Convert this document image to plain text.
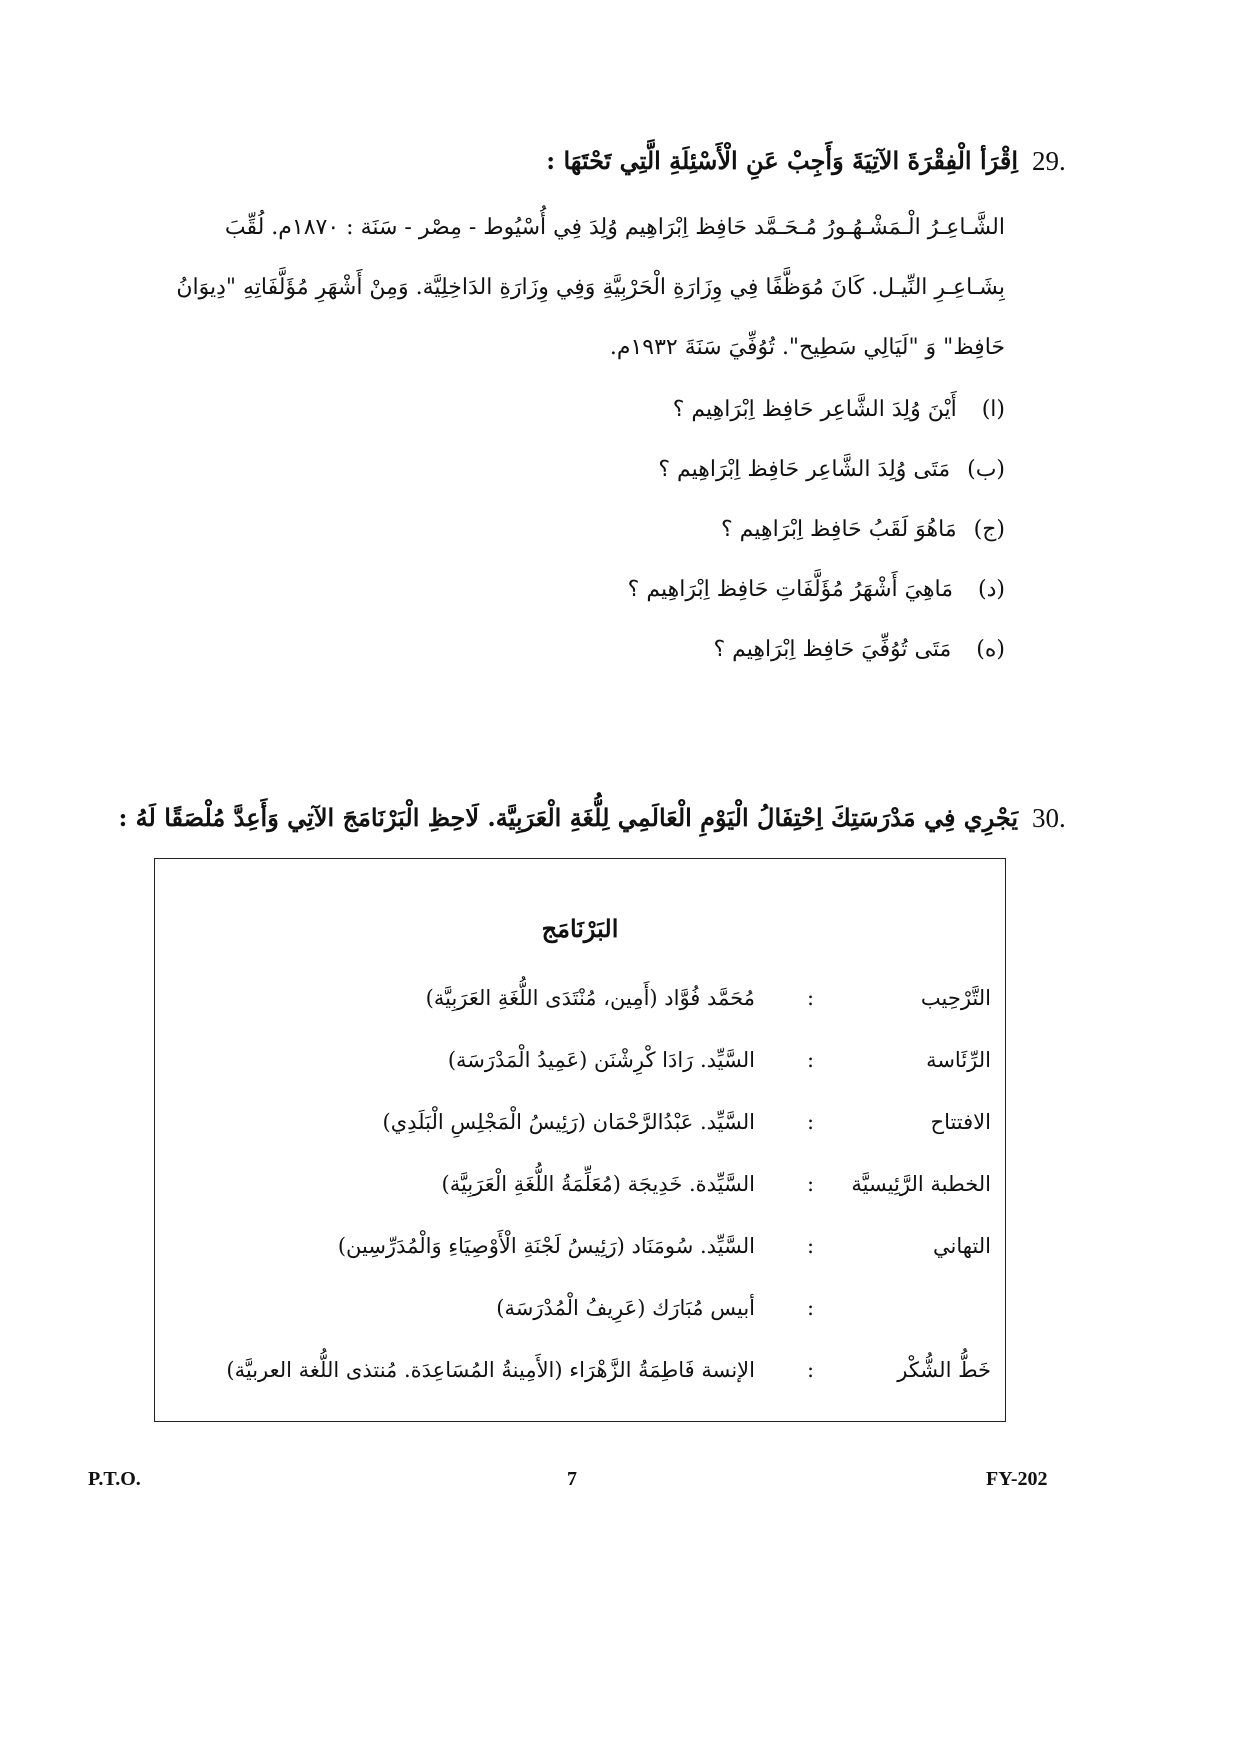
29.
اِقْرَأ الْفِقْرَةَ الآتِيَةَ وَأَجِبْ عَنِ الْأَسْئِلَةِ الَّتِي تَحْتَهَا :
الشَّـاعِـرُ الْـمَشْـهُـورُ مُـحَـمَّد حَافِظ اِبْرَاهِيم وُلِدَ فِي أُسْيُوط - مِصْر - سَنَة : ١٨٧٠م. لُقِّبَ
بِشَـاعِـرِ النِّيـل. كَانَ مُوَظَّفًا فِي وِزَارَةِ الْحَرْبِيَّةِ وَفِي وِزَارَةِ الدَاخِلِيَّة. وَمِنْ أَشْهَرِ مُؤَلَّفَاتِهِ "دِيوَانُ
حَافِظ" وَ "لَيَالِي سَطِيح". تُوُفِّيَ سَنَةَ ١٩٣٢م.
(ا) أَيْنَ وُلِدَ الشَّاعِر حَافِظ اِبْرَاهِيم ؟
(ب) مَتَى وُلِدَ الشَّاعِر حَافِظ اِبْرَاهِيم ؟
(ج) مَاهُوَ لَقَبُ حَافِظ اِبْرَاهِيم ؟
(د) مَاهِيَ أَشْهَرُ مُؤَلَّفَاتِ حَافِظ اِبْرَاهِيم ؟
(ه) مَتَى تُوُفِّيَ حَافِظ اِبْرَاهِيم ؟
30.
يَجْرِي فِي مَدْرَسَتِكَ اِحْتِفَالُ الْيَوْمِ الْعَالَمِي لِلُّغَةِ الْعَرَبِيَّة. لَاحِظِ الْبَرْنَامَجَ الآتِي وَأَعِدَّ مُلْصَقًا لَهُ :
البَرْنَامَج
التَّرْحِيب
:
مُحَمَّد فُوَّاد (أَمِين، مُنْتَدَى اللُّغَةِ العَرَبِيَّة)
الرِّئَاسة
:
السَّيِّد. رَادَا كْرِشْنَن (عَمِيدُ الْمَدْرَسَة)
الافتتاح
:
السَّيِّد. عَبْدُالرَّحْمَان (رَئِيسُ الْمَجْلِسِ الْبَلَدِي)
الخطبة الرَّئِيسيَّة
:
السَّيِّدة. خَدِيجَة (مُعَلِّمَةُ اللُّغَةِ الْعَرَبِيَّة)
التهاني
:
السَّيِّد. سُومَنَاد (رَئِيسُ لَجْنَةِ الْأَوْصِيَاءِ وَالْمُدَرِّسِين)
:
أبيس مُبَارَك (عَرِيفُ الْمُدْرَسَة)
خَطُّ الشُّكْر
:
الإنسة فَاطِمَةُ الزَّهْرَاء (الأَمِينةُ المُسَاعِدَة. مُنتذى اللُّغة العربيَّة)
P.T.O.	7	FY-202
